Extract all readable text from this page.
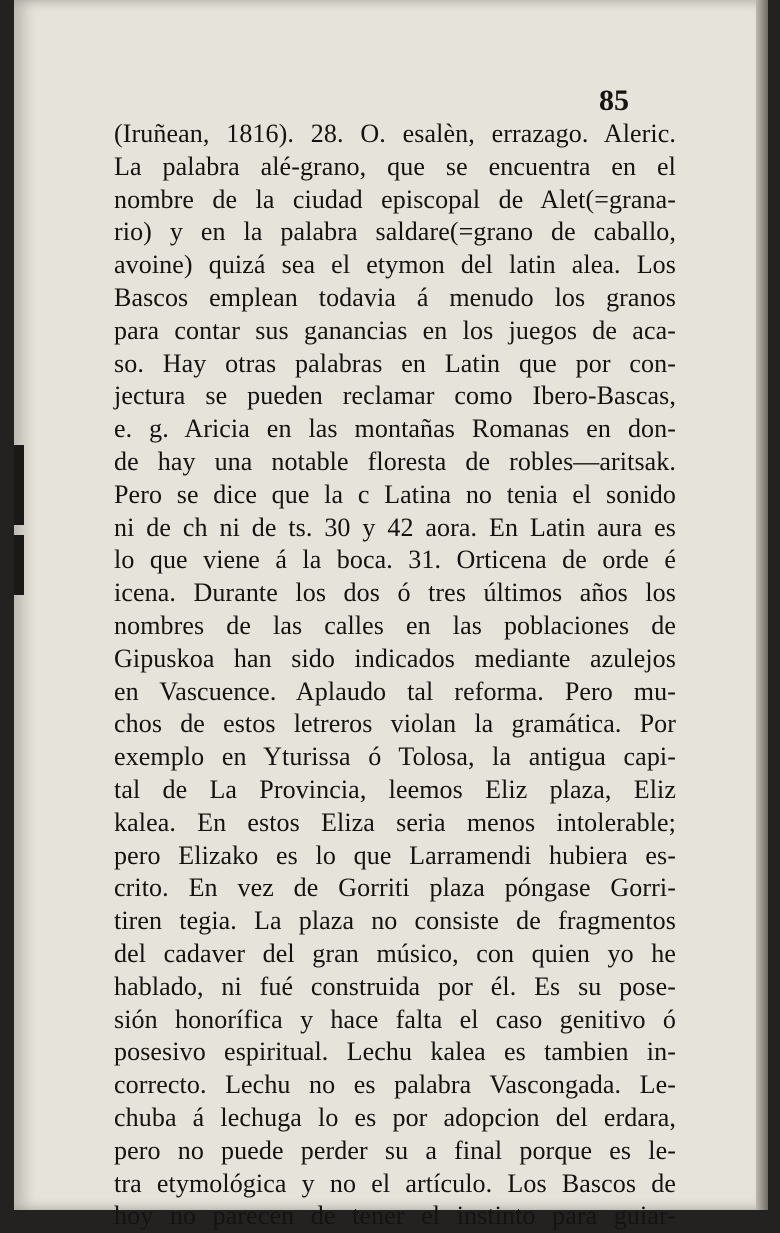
85

(Iruñean, 1816). 28. O. esalèn, errazago. Aleric.
La palabra alé-grano, que se encuentra en el
nombre de la ciudad episcopal de Alet(=grana-
rio) y en la palabra saldare(=grano de caballo,
avoine) quizá sea el etymon del latin alea. Los
Bascos emplean todavia á menudo los granos
para contar sus ganancias en los juegos de aca-
so. Hay otras palabras en Latin que por con-
jectura se pueden reclamar como Ibero-Bascas,
e. g. Aricia en las montañas Romanas en don-
de hay una notable floresta de robles—aritsak.
Pero se dice que la c Latina no tenia el sonido
ni de ch ni de ts. 30 y 42 aora. En Latin aura es
lo que viene á la boca. 31. Orticena de orde é
icena. Durante los dos ó tres últimos años los
nombres de las calles en las poblaciones de
Gipuskoa han sido indicados mediante azulejos
en Vascuence. Aplaudo tal reforma. Pero mu-
chos de estos letreros violan la gramática. Por
exemplo en Yturissa ó Tolosa, la antigua capi-
tal de La Provincia, leemos Eliz plaza, Eliz
kalea. En estos Eliza seria menos intolerable;
pero Elizako es lo que Larramendi hubiera es-
crito. En vez de Gorriti plaza póngase Gorri-
tiren tegia. La plaza no consiste de fragmentos
del cadaver del gran músico, con quien yo he
hablado, ni fué construida por él. Es su pose-
sión honorífica y hace falta el caso genitivo ó
posesivo espiritual. Lechu kalea es tambien in-
correcto. Lechu no es palabra Vascongada. Le-
chuba á lechuga lo es por adopcion del erdara,
pero no puede perder su a final porque es le-
tra etymológica y no el artículo. Los Bascos de
hoy no parecen de tener el instinto para guiar-
